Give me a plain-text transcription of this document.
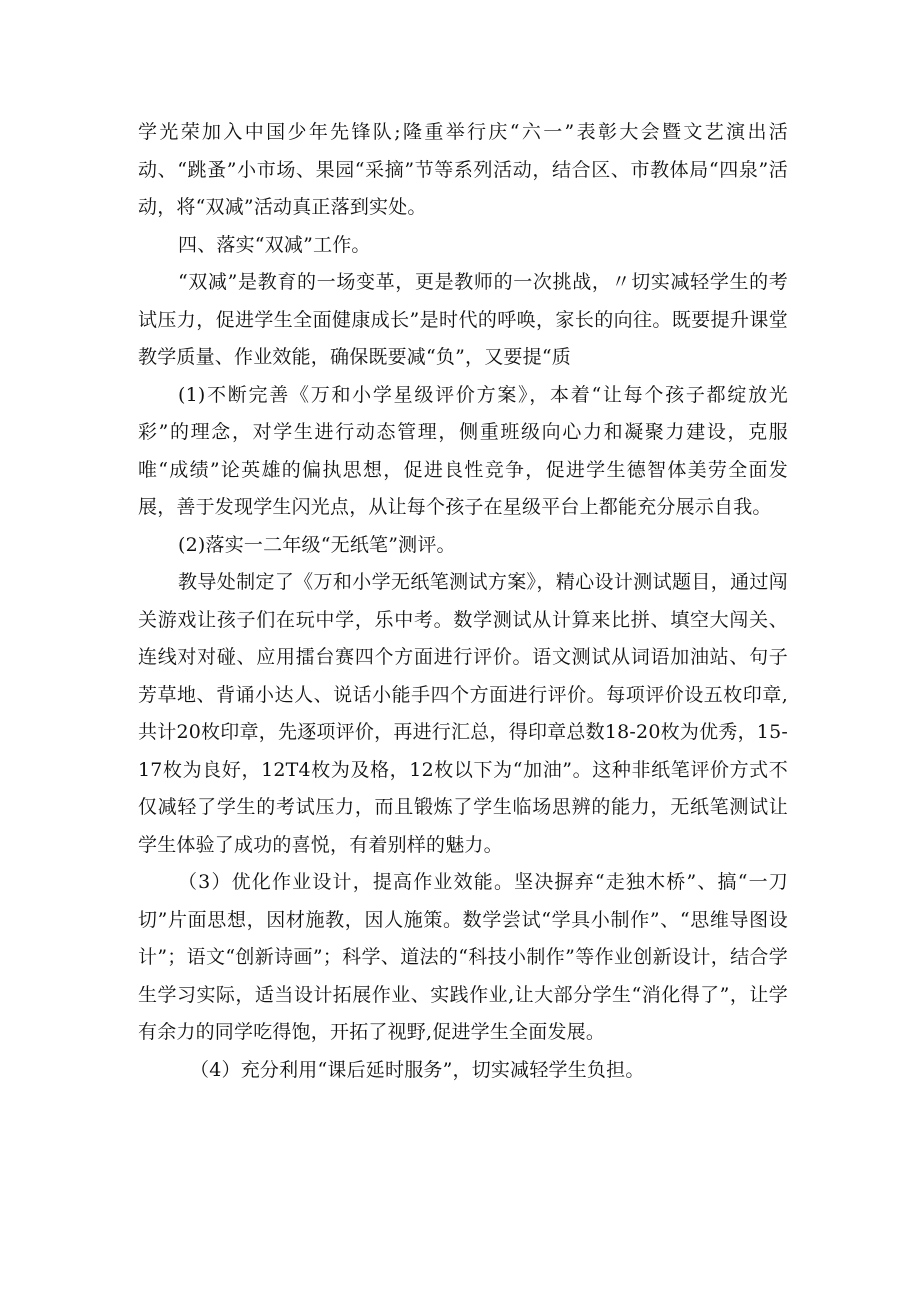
学光荣加入中国少年先锋队;隆重举行庆“六一”表彰大会暨文艺演出活动、“跳蚤”小市场、果园“采摘”节等系列活动，结合区、市教体局“四泉”活动，将“双减”活动真正落到实处。

四、落实“双减”工作。

“双减”是教育的一场变革，更是教师的一次挑战，〃切实减轻学生的考试压力，促进学生全面健康成长”是时代的呼唤，家长的向往。既要提升课堂教学质量、作业效能，确保既要减“负”，又要提“质

(1)不断完善《万和小学星级评价方案》，本着“让每个孩子都绽放光彩”的理念，对学生进行动态管理，侧重班级向心力和凝聚力建设，克服唯“成绩”论英雄的偏执思想，促进良性竞争，促进学生德智体美劳全面发展，善于发现学生闪光点，从让每个孩子在星级平台上都能充分展示自我。

(2)落实一二年级“无纸笔”测评。

教导处制定了《万和小学无纸笔测试方案》，精心设计测试题目，通过闯关游戏让孩子们在玩中学，乐中考。数学测试从计算来比拼、填空大闯关、连线对对碰、应用擂台赛四个方面进行评价。语文测试从词语加油站、句子芳草地、背诵小达人、说话小能手四个方面进行评价。每项评价设五枚印章,共计20枚印章，先逐项评价，再进行汇总，得印章总数18-20枚为优秀，15-17枚为良好，12T4枚为及格，12枚以下为“加油”。这种非纸笔评价方式不仅减轻了学生的考试压力，而且锻炼了学生临场思辨的能力，无纸笔测试让学生体验了成功的喜悦，有着别样的魅力。

（3）优化作业设计，提高作业效能。坚决摒弃“走独木桥”、搞“一刀切”片面思想，因材施教，因人施策。数学尝试“学具小制作”、“思维导图设计”；语文“创新诗画”；科学、道法的“科技小制作”等作业创新设计，结合学生学习实际，适当设计拓展作业、实践作业,让大部分学生“消化得了”，让学有余力的同学吃得饱，开拓了视野,促进学生全面发展。

（4）充分利用“课后延时服务”，切实减轻学生负担。
